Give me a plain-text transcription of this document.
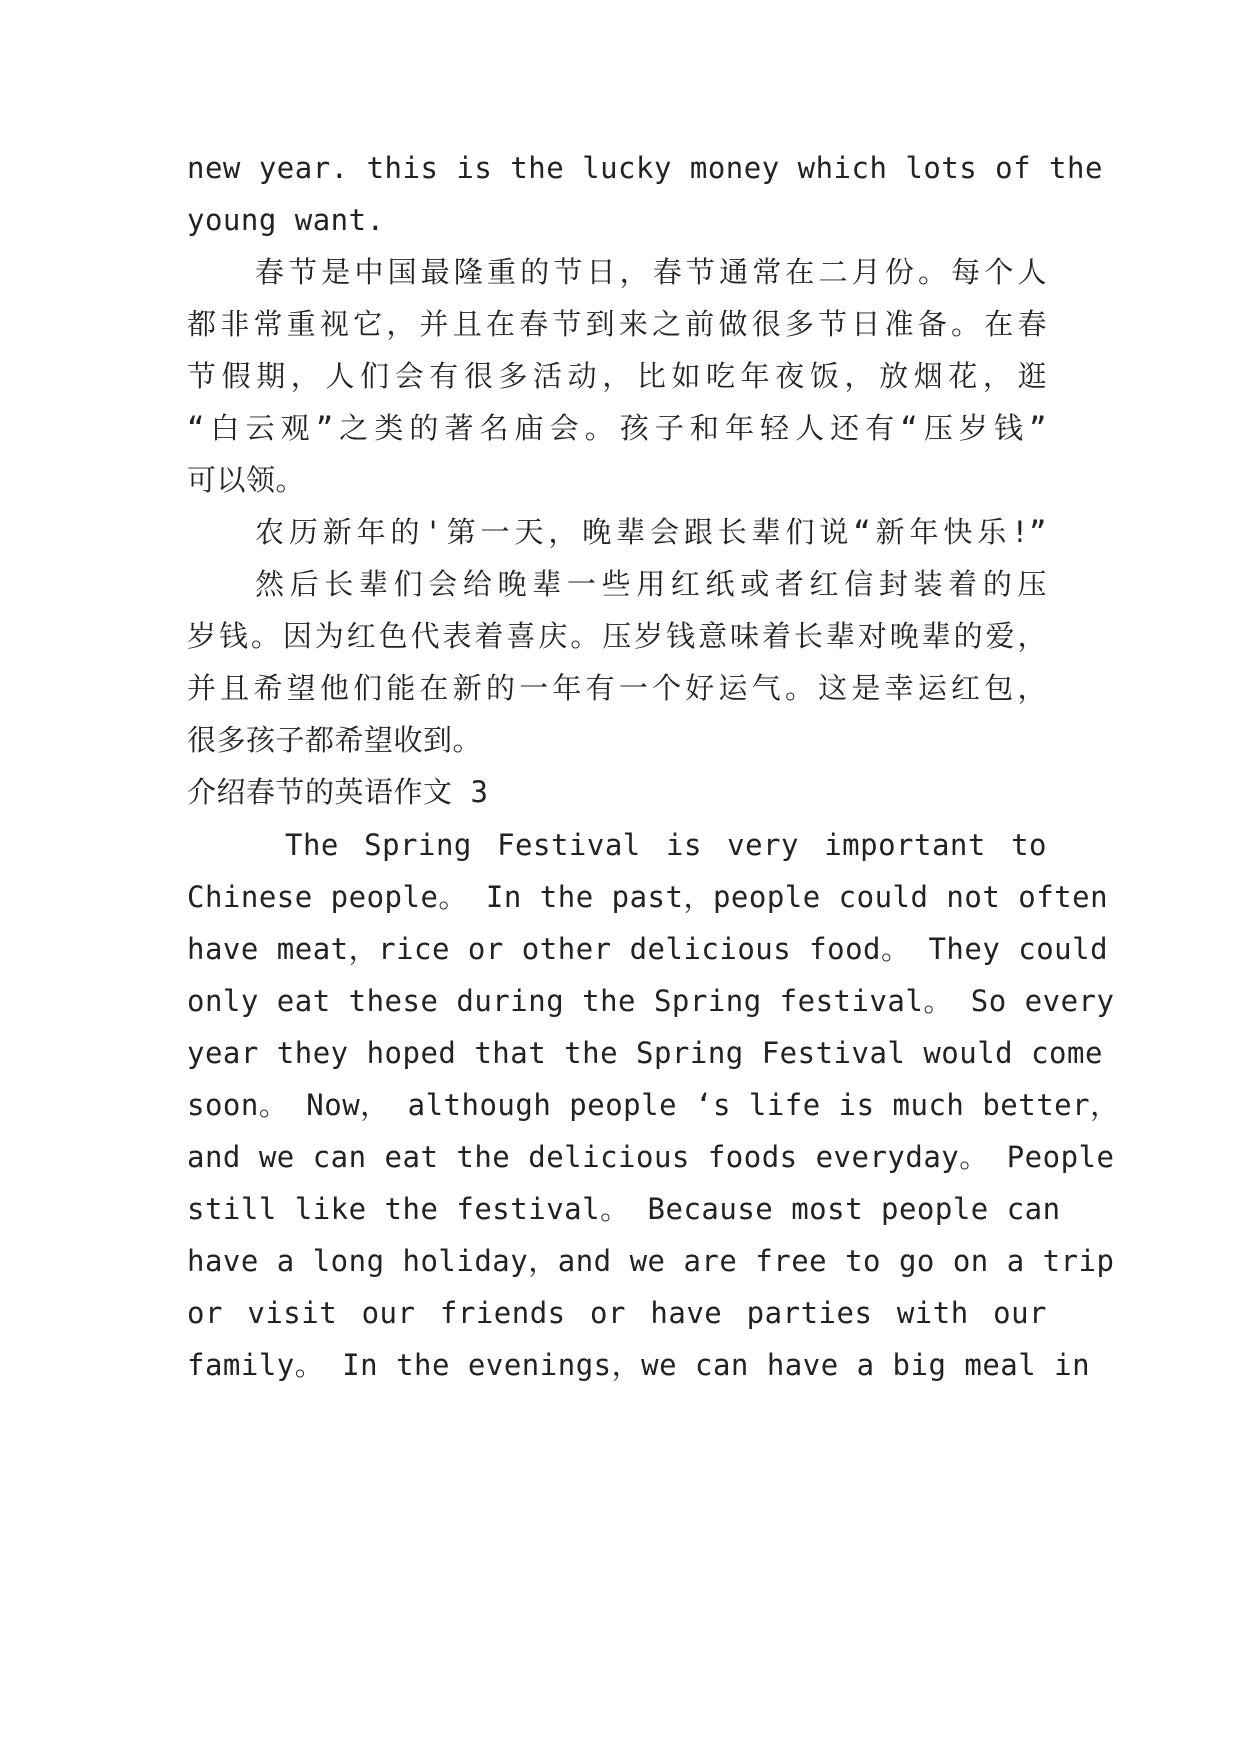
new year. this is the lucky money which lots of the

young want.

春节是中国最隆重的节日，春节通常在二月份。每个人

都非常重视它，并且在春节到来之前做很多节日准备。在春

节假期，人们会有很多活动，比如吃年夜饭，放烟花，逛

“白云观”之类的著名庙会。孩子和年轻人还有“压岁钱”

可以领。

农历新年的'第一天，晚辈会跟长辈们说“新年快乐!”

然后长辈们会给晚辈一些用红纸或者红信封装着的压

岁钱。因为红色代表着喜庆。压岁钱意味着长辈对晚辈的爱，

并且希望他们能在新的一年有一个好运气。这是幸运红包，

很多孩子都希望收到。

介绍春节的英语作文 3

The Spring Festival is very important to

Chinese people。 In the past，people could not often

have meat，rice or other delicious food。 They could

only eat these during the Spring festival。 So every

year they hoped that the Spring Festival would come

soon。 Now， although people ‘s life is much better，

and we can eat the delicious foods everyday。 People

still like the festival。 Because most people can

have a long holiday，and we are free to go on a trip

or visit our friends or have parties with our

family。 In the evenings，we can have a big meal in
